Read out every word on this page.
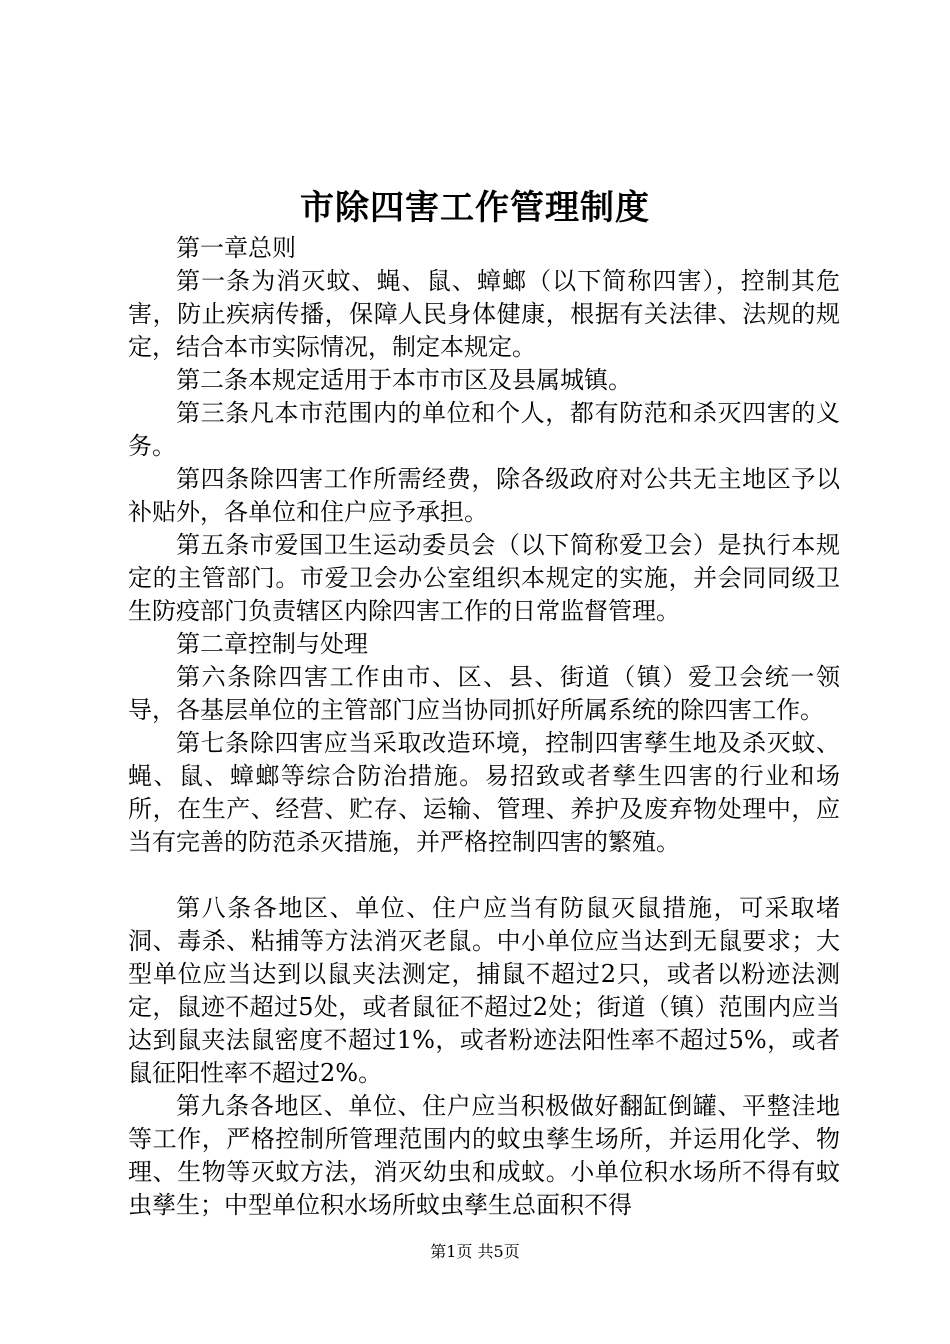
市除四害工作管理制度

第一章总则

第一条为消灭蚊、蝇、鼠、蟑螂（以下简称四害），控制其危害，防止疾病传播，保障人民身体健康，根据有关法律、法规的规定，结合本市实际情况，制定本规定。

第二条本规定适用于本市市区及县属城镇。

第三条凡本市范围内的单位和个人，都有防范和杀灭四害的义务。

第四条除四害工作所需经费，除各级政府对公共无主地区予以补贴外，各单位和住户应予承担。

第五条市爱国卫生运动委员会（以下简称爱卫会）是执行本规定的主管部门。市爱卫会办公室组织本规定的实施，并会同同级卫生防疫部门负责辖区内除四害工作的日常监督管理。

第二章控制与处理

第六条除四害工作由市、区、县、街道（镇）爱卫会统一领导，各基层单位的主管部门应当协同抓好所属系统的除四害工作。

第七条除四害应当采取改造环境，控制四害孳生地及杀灭蚊、蝇、鼠、蟑螂等综合防治措施。易招致或者孳生四害的行业和场所，在生产、经营、贮存、运输、管理、养护及废弃物处理中，应当有完善的防范杀灭措施，并严格控制四害的繁殖。

第八条各地区、单位、住户应当有防鼠灭鼠措施，可采取堵洞、毒杀、粘捕等方法消灭老鼠。中小单位应当达到无鼠要求；大型单位应当达到以鼠夹法测定，捕鼠不超过2只，或者以粉迹法测定，鼠迹不超过5处，或者鼠征不超过2处；街道（镇）范围内应当达到鼠夹法鼠密度不超过1%，或者粉迹法阳性率不超过5%，或者鼠征阳性率不超过2%。

第九条各地区、单位、住户应当积极做好翻缸倒罐、平整洼地等工作，严格控制所管理范围内的蚊虫孳生场所，并运用化学、物理、生物等灭蚊方法，消灭幼虫和成蚊。小单位积水场所不得有蚊虫孳生；中型单位积水场所蚊虫孳生总面积不得

第1页 共5页
